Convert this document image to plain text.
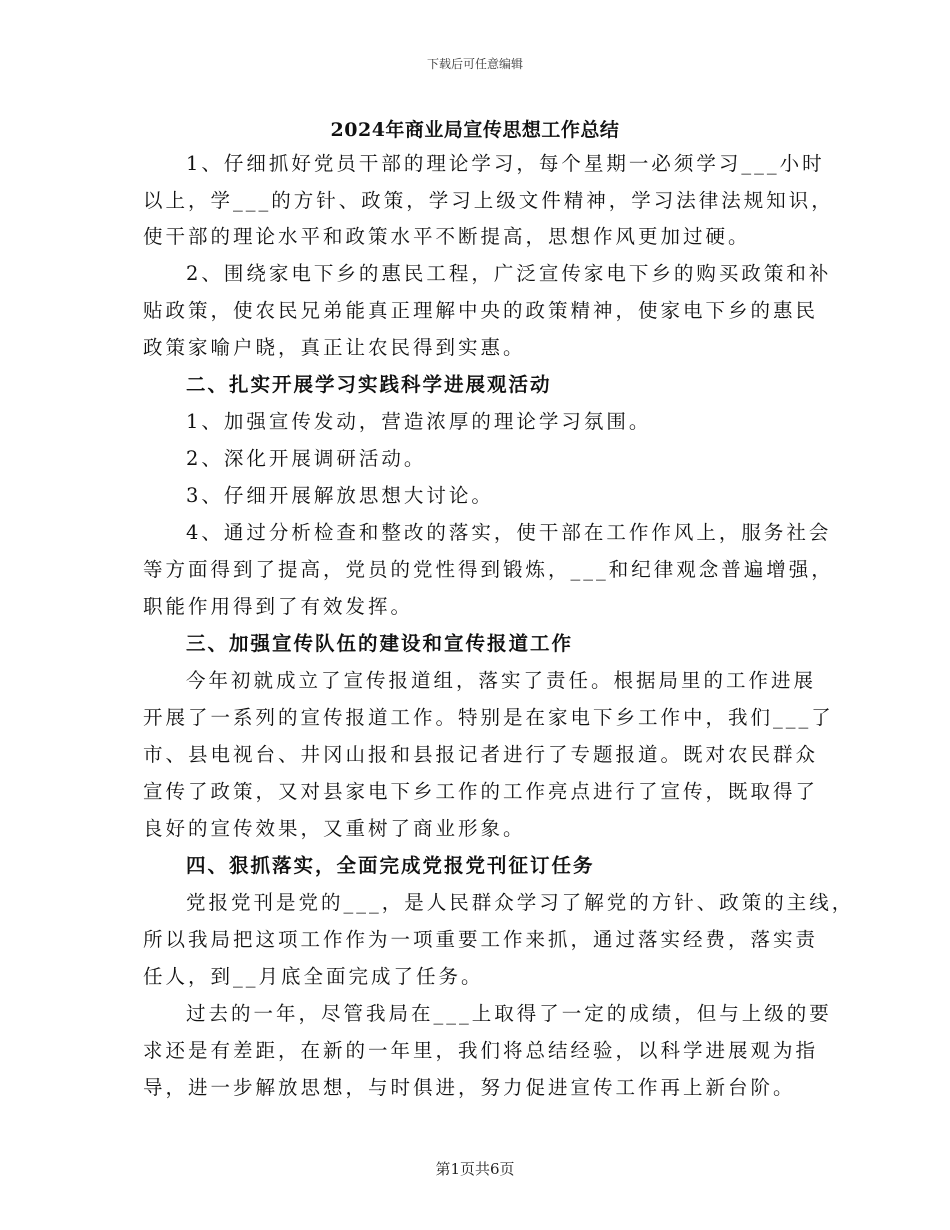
下载后可任意编辑
2024年商业局宣传思想工作总结
1、仔细抓好党员干部的理论学习，每个星期一必须学习___小时
以上，学___的方针、政策，学习上级文件精神，学习法律法规知识，
使干部的理论水平和政策水平不断提高，思想作风更加过硬。
2、围绕家电下乡的惠民工程，广泛宣传家电下乡的购买政策和补
贴政策，使农民兄弟能真正理解中央的政策精神，使家电下乡的惠民
政策家喻户晓，真正让农民得到实惠。
二、扎实开展学习实践科学进展观活动
1、加强宣传发动，营造浓厚的理论学习氛围。
2、深化开展调研活动。
3、仔细开展解放思想大讨论。
4、通过分析检查和整改的落实，使干部在工作作风上，服务社会
等方面得到了提高，党员的党性得到锻炼，___和纪律观念普遍增强，
职能作用得到了有效发挥。
三、加强宣传队伍的建设和宣传报道工作
今年初就成立了宣传报道组，落实了责任。根据局里的工作进展
开展了一系列的宣传报道工作。特别是在家电下乡工作中，我们___了
市、县电视台、井冈山报和县报记者进行了专题报道。既对农民群众
宣传了政策，又对县家电下乡工作的工作亮点进行了宣传，既取得了
良好的宣传效果，又重树了商业形象。
四、狠抓落实，全面完成党报党刊征订任务
党报党刊是党的___，是人民群众学习了解党的方针、政策的主线，
所以我局把这项工作作为一项重要工作来抓，通过落实经费，落实责
任人，到__月底全面完成了任务。
过去的一年，尽管我局在___上取得了一定的成绩，但与上级的要
求还是有差距，在新的一年里，我们将总结经验，以科学进展观为指
导，进一步解放思想，与时俱进，努力促进宣传工作再上新台阶。
第1页共6页
